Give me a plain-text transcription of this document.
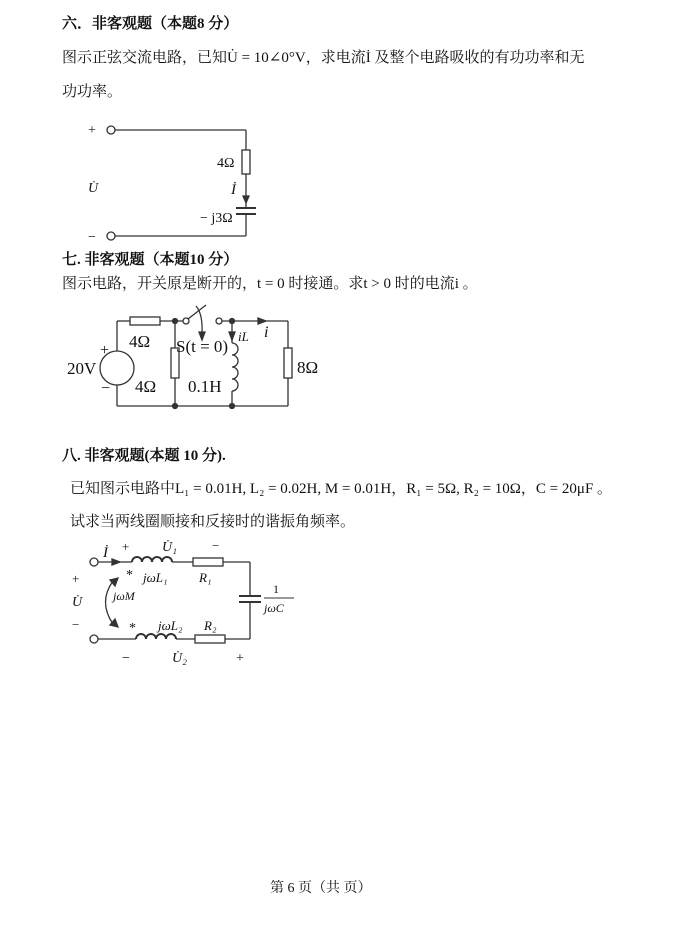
六．非客观题（本题8 分）
图示正弦交流电路，已知U̇ = 10∠0°V，求电流İ 及整个电路吸收的有功功率和无
功功率。
七. 非客观题（本题10 分）
图示电路，开关原是断开的，t = 0 时接通。求t > 0 时的电流i 。
八. 非客观题(本题 10 分).
已知图示电路中L₁ = 0.01H, L₂ = 0.02H, M = 0.01H，R₁ = 5Ω, R₂ = 10Ω，C = 20μF 。
试求当两线圈顺接和反接时的谐振角频率。
+
−
U̇
4Ω
İ
− j3Ω
20V
+
−
4Ω
4Ω
S(t = 0)
iL
0.1H
i
8Ω
İ + U̇₁	−
* jωL₁ R₁
+
U̇
−
jωM
* jωL₂ R₂
1
jωC
−	U̇₂	+
第 6 页（共 页）
